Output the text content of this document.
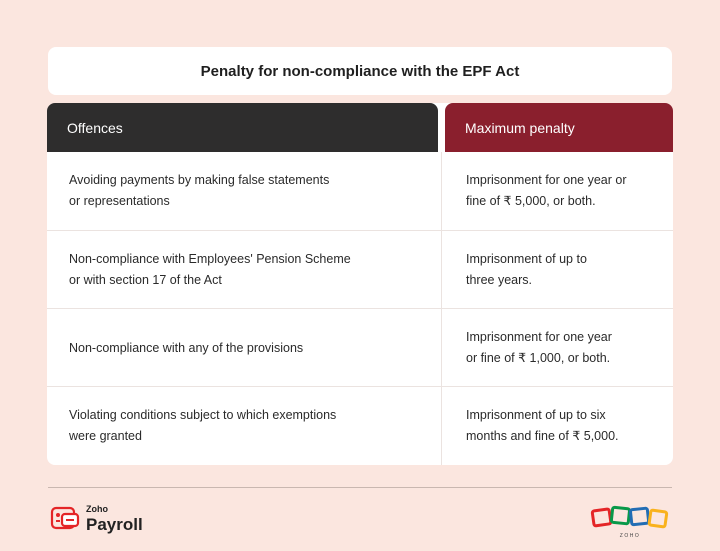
Penalty for non-compliance with the EPF Act
Offences	Maximum penalty
Avoiding payments by making false statements
or representations
Imprisonment for one year or
fine of ₹ 5,000, or both.
Non-compliance with Employees' Pension Scheme
or with section 17 of the Act
Imprisonment of up to
three years.
Non-compliance with any of the provisions
Imprisonment for one year
or fine of ₹ 1,000, or both.
Violating conditions subject to which exemptions
were granted
Imprisonment of up to six
months and fine of ₹ 5,000.
Zoho
Payroll
ZOHO
